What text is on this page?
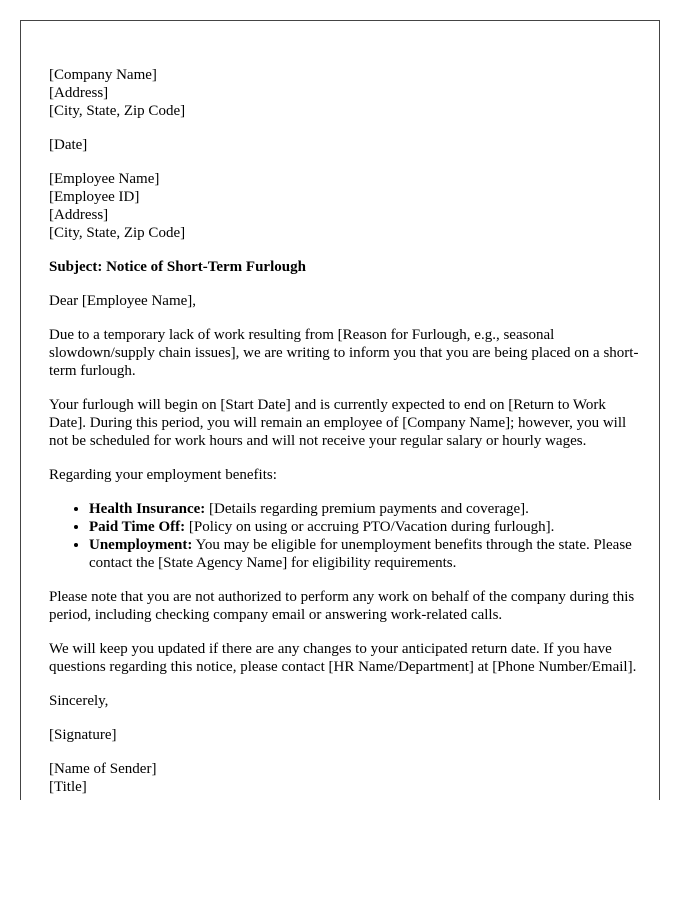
[Company Name]
[Address]
[City, State, Zip Code]

[Date]

[Employee Name]
[Employee ID]
[Address]
[City, State, Zip Code]

Subject: Notice of Short-Term Furlough

Dear [Employee Name],

Due to a temporary lack of work resulting from [Reason for Furlough, e.g., seasonal slowdown/supply chain issues], we are writing to inform you that you are being placed on a short-term furlough.

Your furlough will begin on [Start Date] and is currently expected to end on [Return to Work Date]. During this period, you will remain an employee of [Company Name]; however, you will not be scheduled for work hours and will not receive your regular salary or hourly wages.

Regarding your employment benefits:

• Health Insurance: [Details regarding premium payments and coverage].
• Paid Time Off: [Policy on using or accruing PTO/Vacation during furlough].
• Unemployment: You may be eligible for unemployment benefits through the state. Please contact the [State Agency Name] for eligibility requirements.

Please note that you are not authorized to perform any work on behalf of the company during this period, including checking company email or answering work-related calls.

We will keep you updated if there are any changes to your anticipated return date. If you have questions regarding this notice, please contact [HR Name/Department] at [Phone Number/Email].

Sincerely,

[Signature]

[Name of Sender]
[Title]
